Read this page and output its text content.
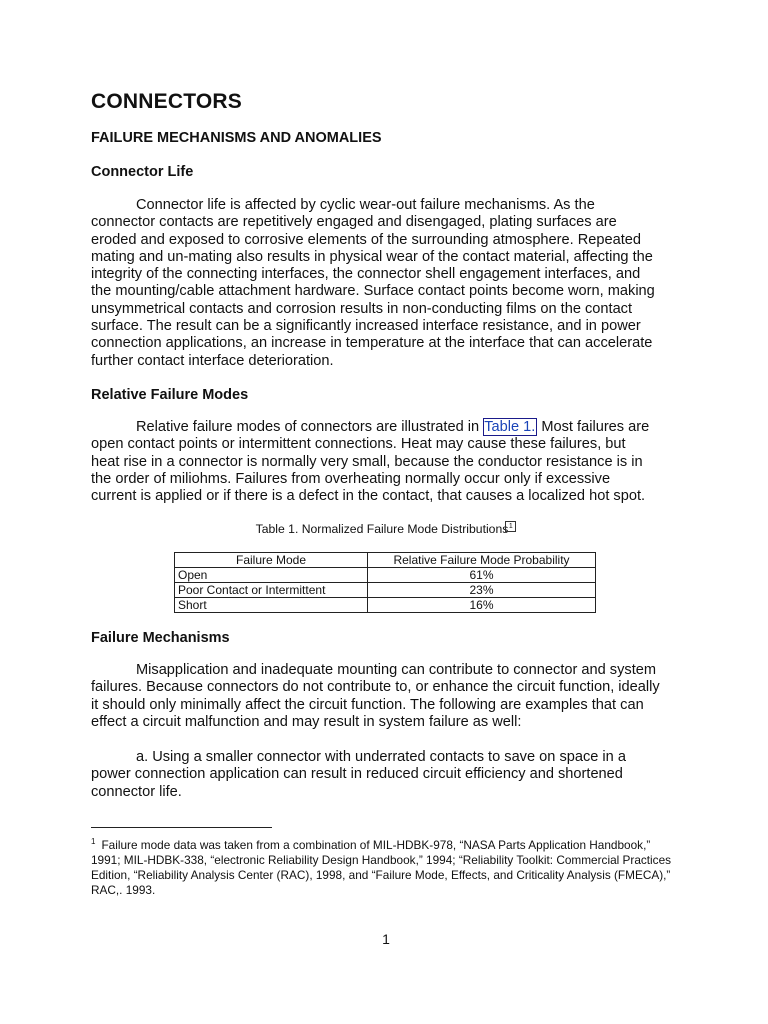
CONNECTORS
FAILURE MECHANISMS AND ANOMALIES
Connector Life
Connector life is affected by cyclic wear-out failure mechanisms. As the
connector contacts are repetitively engaged and disengaged, plating surfaces are
eroded and exposed to corrosive elements of the surrounding atmosphere. Repeated
mating and un-mating also results in physical wear of the contact material, affecting the
integrity of the connecting interfaces, the connector shell engagement interfaces, and
the mounting/cable attachment hardware. Surface contact points become worn, making
unsymmetrical contacts and corrosion results in non-conducting films on the contact
surface. The result can be a significantly increased interface resistance, and in power
connection applications, an increase in temperature at the interface that can accelerate
further contact interface deterioration.
Relative Failure Modes
Relative failure modes of connectors are illustrated in Table 1. Most failures are
open contact points or intermittent connections. Heat may cause these failures, but
heat rise in a connector is normally very small, because the conductor resistance is in
the order of miliohms. Failures from overheating normally occur only if excessive
current is applied or if there is a defect in the contact, that causes a localized hot spot.
Table 1. Normalized Failure Mode Distributions1
Failure Mode	Relative Failure Mode Probability
Open	61%
Poor Contact or Intermittent	23%
Short	16%
Failure Mechanisms
Misapplication and inadequate mounting can contribute to connector and system
failures. Because connectors do not contribute to, or enhance the circuit function, ideally
it should only minimally affect the circuit function. The following are examples that can
effect a circuit malfunction and may result in system failure as well:
a. Using a smaller connector with underrated contacts to save on space in a
power connection application can result in reduced circuit efficiency and shortened
connector life.
$^1$ Failure mode data was taken from a combination of MIL-HDBK-978, “NASA Parts Application Handbook,” 1991; MIL-HDBK-338, “electronic Reliability Design Handbook,” 1994; “Reliability Toolkit: Commercial Practices Edition, “Reliability Analysis Center (RAC), 1998, and “Failure Mode, Effects, and Criticality Analysis (FMECA),” RAC,. 1993.
1
